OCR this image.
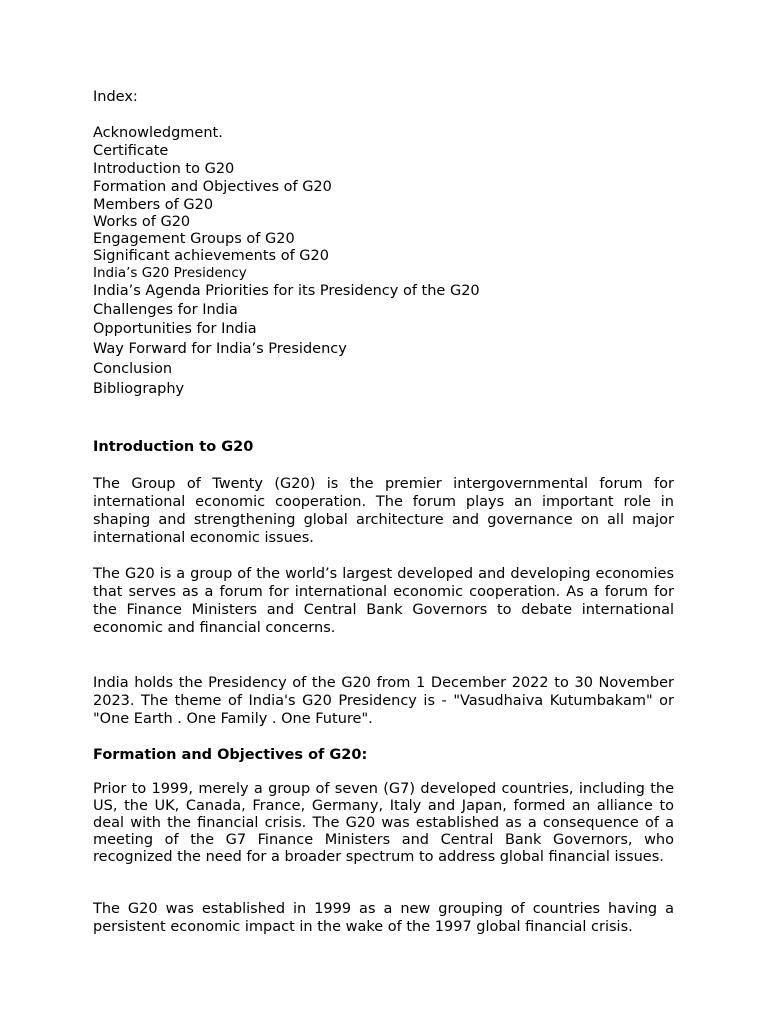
Index:
Acknowledgment.
Certificate
Introduction to G20
Formation and Objectives of G20
Members of G20
Works of G20
Engagement Groups of G20
Significant achievements of G20
India’s G20 Presidency
India’s Agenda Priorities for its Presidency of the G20
Challenges for India
Opportunities for India
Way Forward for India’s Presidency
Conclusion
Bibliography
Introduction to G20

The Group of Twenty (G20) is the premier intergovernmental forum for international economic cooperation. The forum plays an important role in shaping and strengthening global architecture and governance on all major international economic issues.

The G20 is a group of the world’s largest developed and developing economies that serves as a forum for international economic cooperation. As a forum for the Finance Ministers and Central Bank Governors to debate international economic and financial concerns.

India holds the Presidency of the G20 from 1 December 2022 to 30 November 2023. The theme of India's G20 Presidency is - "Vasudhaiva Kutumbakam" or "One Earth . One Family . One Future".

Formation and Objectives of G20:

Prior to 1999, merely a group of seven (G7) developed countries, including the US, the UK, Canada, France, Germany, Italy and Japan, formed an alliance to deal with the financial crisis. The G20 was established as a consequence of a meeting of the G7 Finance Ministers and Central Bank Governors, who recognized the need for a broader spectrum to address global financial issues.

The G20 was established in 1999 as a new grouping of countries having a persistent economic impact in the wake of the 1997 global financial crisis.
